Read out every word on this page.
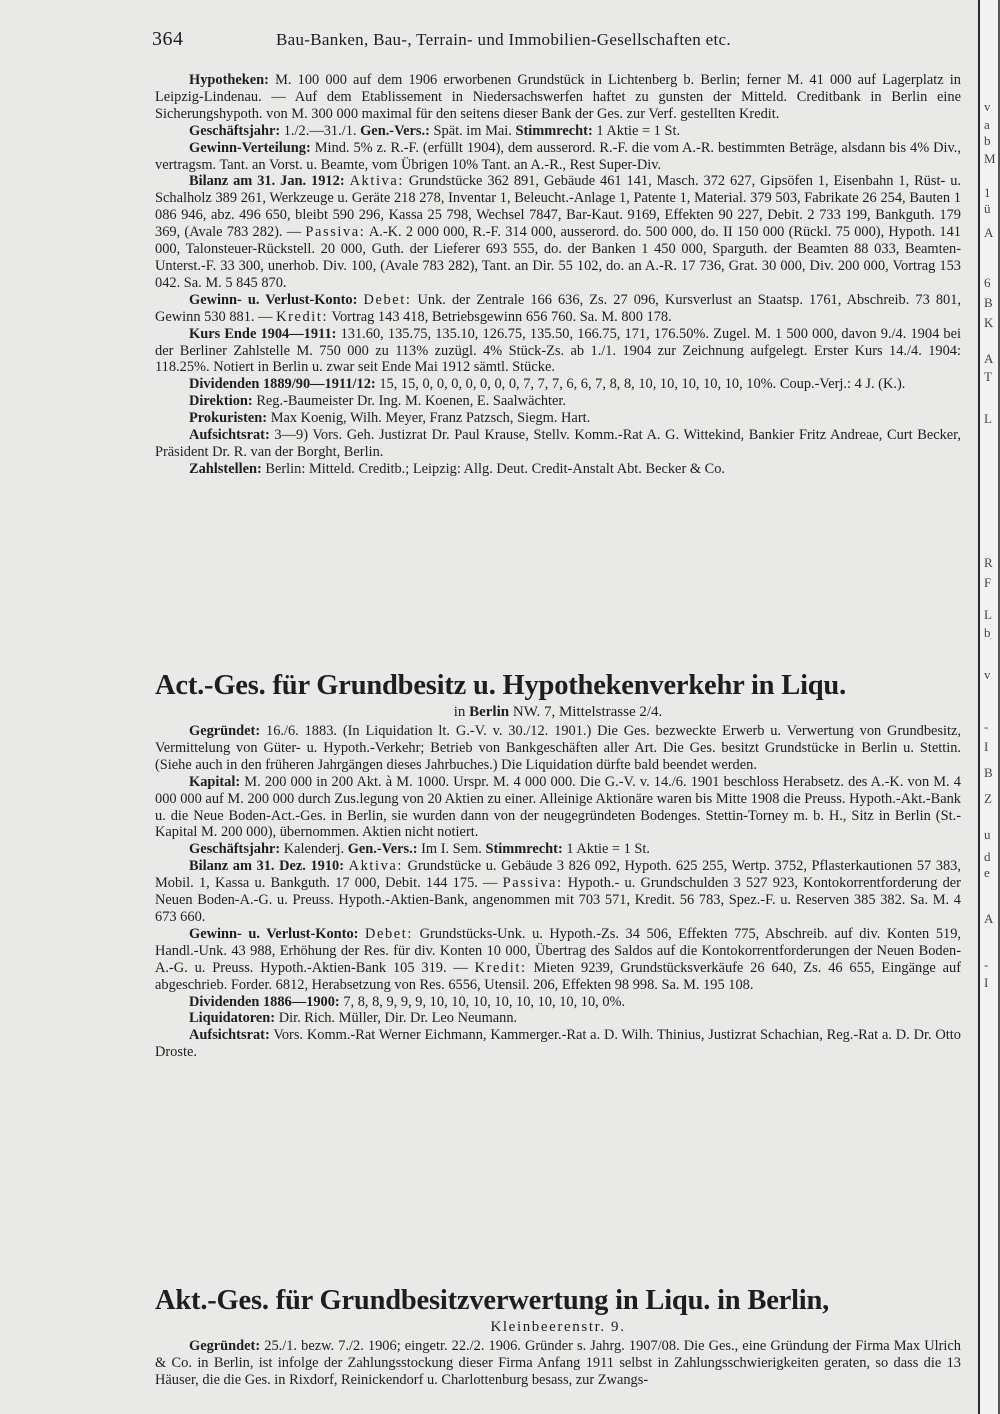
364	Bau-Banken, Bau-, Terrain- und Immobilien-Gesellschaften etc.

Hypotheken: M. 100 000 auf dem 1906 erworbenen Grundstück in Lichtenberg b. Berlin; ferner M. 41 000 auf Lagerplatz in Leipzig-Lindenau. — Auf dem Etablissement in Niedersachswerfen haftet zu gunsten der Mitteld. Creditbank in Berlin eine Sicherungshypoth. von M. 300 000 maximal für den seitens dieser Bank der Ges. zur Verf. gestellten Kredit.

Geschäftsjahr: 1./2.—31./1. Gen.-Vers.: Spät. im Mai. Stimmrecht: 1 Aktie = 1 St.

Gewinn-Verteilung: Mind. 5% z. R.-F. (erfüllt 1904), dem ausserord. R.-F. die vom A.-R. bestimmten Beträge, alsdann bis 4% Div., vertragsm. Tant. an Vorst. u. Beamte, vom Übrigen 10% Tant. an A.-R., Rest Super-Div.

Bilanz am 31. Jan. 1912: Aktiva: Grundstücke 362 891, Gebäude 461 141, Masch. 372 627, Gipsöfen 1, Eisenbahn 1, Rüst- u. Schalholz 389 261, Werkzeuge u. Geräte 218 278, Inventar 1, Beleucht.-Anlage 1, Patente 1, Material. 379 503, Fabrikate 26 254, Bauten 1 086 946, abz. 496 650, bleibt 590 296, Kassa 25 798, Wechsel 7847, Bar-Kaut. 9169, Effekten 90 227, Debit. 2 733 199, Bankguth. 179 369, (Avale 783 282). — Passiva: A.-K. 2 000 000, R.-F. 314 000, ausserord. do. 500 000, do. II 150 000 (Rückl. 75 000), Hypoth. 141 000, Talonsteuer-Rückstell. 20 000, Guth. der Lieferer 693 555, do. der Banken 1 450 000, Sparguth. der Beamten 88 033, Beamten-Unterst.-F. 33 300, unerhob. Div. 100, (Avale 783 282), Tant. an Dir. 55 102, do. an A.-R. 17 736, Grat. 30 000, Div. 200 000, Vortrag 153 042. Sa. M. 5 845 870.

Gewinn- u. Verlust-Konto: Debet: Unk. der Zentrale 166 636, Zs. 27 096, Kursverlust an Staatsp. 1761, Abschreib. 73 801, Gewinn 530 881. — Kredit: Vortrag 143 418, Betriebsgewinn 656 760. Sa. M. 800 178.

Kurs Ende 1904—1911: 131.60, 135.75, 135.10, 126.75, 135.50, 166.75, 171, 176.50%. Zugel. M. 1 500 000, davon 9./4. 1904 bei der Berliner Zahlstelle M. 750 000 zu 113% zuzügl. 4% Stück-Zs. ab 1./1. 1904 zur Zeichnung aufgelegt. Erster Kurs 14./4. 1904: 118.25%. Notiert in Berlin u. zwar seit Ende Mai 1912 sämtl. Stücke.

Dividenden 1889/90—1911/12: 15, 15, 0, 0, 0, 0, 0, 0, 0, 7, 7, 7, 6, 6, 7, 8, 8, 10, 10, 10, 10, 10, 10%. Coup.-Verj.: 4 J. (K.).

Direktion: Reg.-Baumeister Dr. Ing. M. Koenen, E. Saalwächter.

Prokuristen: Max Koenig, Wilh. Meyer, Franz Patzsch, Siegm. Hart.

Aufsichtsrat: 3—9) Vors. Geh. Justizrat Dr. Paul Krause, Stellv. Komm.-Rat A. G. Wittekind, Bankier Fritz Andreae, Curt Becker, Präsident Dr. R. van der Borght, Berlin.

Zahlstellen: Berlin: Mitteld. Creditb.; Leipzig: Allg. Deut. Credit-Anstalt Abt. Becker & Co.

Act.-Ges. für Grundbesitz u. Hypothekenverkehr in Liqu.
in Berlin NW. 7, Mittelstrasse 2/4.

Gegründet: 16./6. 1883. (In Liquidation lt. G.-V. v. 30./12. 1901.) Die Ges. bezweckte Erwerb u. Verwertung von Grundbesitz, Vermittelung von Güter- u. Hypoth.-Verkehr; Betrieb von Bankgeschäften aller Art. Die Ges. besitzt Grundstücke in Berlin u. Stettin. (Siehe auch in den früheren Jahrgängen dieses Jahrbuches.) Die Liquidation dürfte bald beendet werden.

Kapital: M. 200 000 in 200 Akt. à M. 1000. Urspr. M. 4 000 000. Die G.-V. v. 14./6. 1901 beschloss Herabsetz. des A.-K. von M. 4 000 000 auf M. 200 000 durch Zus.legung von 20 Aktien zu einer. Alleinige Aktionäre waren bis Mitte 1908 die Preuss. Hypoth.-Akt.-Bank u. die Neue Boden-Act.-Ges. in Berlin, sie wurden dann von der neugegründeten Bodenges. Stettin-Torney m. b. H., Sitz in Berlin (St.-Kapital M. 200 000), übernommen. Aktien nicht notiert.

Geschäftsjahr: Kalenderj. Gen.-Vers.: Im I. Sem. Stimmrecht: 1 Aktie = 1 St.

Bilanz am 31. Dez. 1910: Aktiva: Grundstücke u. Gebäude 3 826 092, Hypoth. 625 255, Wertp. 3752, Pflasterkautionen 57 383, Mobil. 1, Kassa u. Bankguth. 17 000, Debit. 144 175. — Passiva: Hypoth.- u. Grundschulden 3 527 923, Kontokorrentforderung der Neuen Boden-A.-G. u. Preuss. Hypoth.-Aktien-Bank, angenommen mit 703 571, Kredit. 56 783, Spez.-F. u. Reserven 385 382. Sa. M. 4 673 660.

Gewinn- u. Verlust-Konto: Debet: Grundstücks-Unk. u. Hypoth.-Zs. 34 506, Effekten 775, Abschreib. auf div. Konten 519, Handl.-Unk. 43 988, Erhöhung der Res. für div. Konten 10 000, Übertrag des Saldos auf die Kontokorrentforderungen der Neuen Boden-A.-G. u. Preuss. Hypoth.-Aktien-Bank 105 319. — Kredit: Mieten 9239, Grundstücksverkäufe 26 640, Zs. 46 655, Eingänge auf abgeschrieb. Forder. 6812, Herabsetzung von Res. 6556, Utensil. 206, Effekten 98 998. Sa. M. 195 108.

Dividenden 1886—1900: 7, 8, 8, 9, 9, 9, 10, 10, 10, 10, 10, 10, 10, 10, 0%.

Liquidatoren: Dir. Rich. Müller, Dir. Dr. Leo Neumann.

Aufsichtsrat: Vors. Komm.-Rat Werner Eichmann, Kammerger.-Rat a. D. Wilh. Thinius, Justizrat Schachian, Reg.-Rat a. D. Dr. Otto Droste.

Akt.-Ges. für Grundbesitzverwertung in Liqu. in Berlin,
Kleinbeerenstr. 9.

Gegründet: 25./1. bezw. 7./2. 1906; eingetr. 22./2. 1906. Gründer s. Jahrg. 1907/08. Die Ges., eine Gründung der Firma Max Ulrich & Co. in Berlin, ist infolge der Zahlungsstockung dieser Firma Anfang 1911 selbst in Zahlungsschwierigkeiten geraten, so dass die 13 Häuser, die die Ges. in Rixdorf, Reinickendorf u. Charlottenburg besass, zur Zwangs-

v
a
b
M
1
ü
A
6
B
K
A
T
L
R
F
L
b
v
-
I
B
Z
u
d
e
A
-
I
